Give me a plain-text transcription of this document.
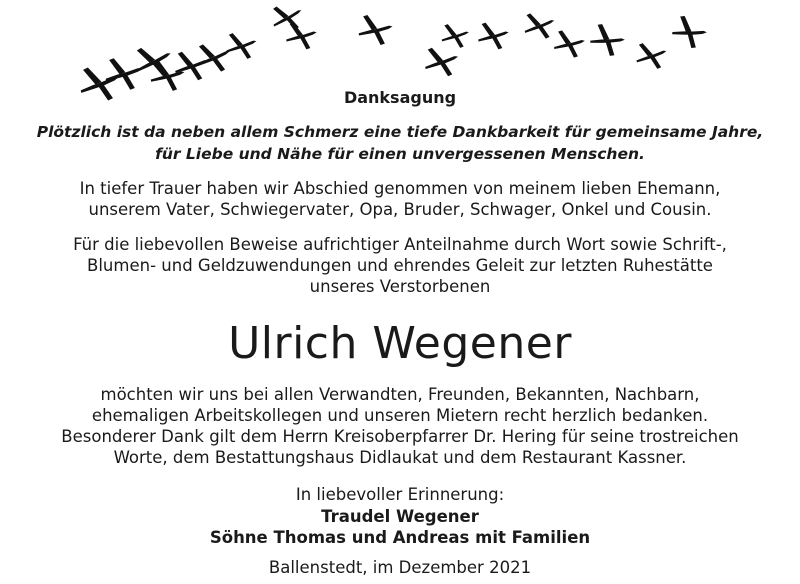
Danksagung
Plötzlich ist da neben allem Schmerz eine tiefe Dankbarkeit für gemeinsame Jahre,
für Liebe und Nähe für einen unvergessenen Menschen.
In tiefer Trauer haben wir Abschied genommen von meinem lieben Ehemann,
unserem Vater, Schwiegervater, Opa, Bruder, Schwager, Onkel und Cousin.
Für die liebevollen Beweise aufrichtiger Anteilnahme durch Wort sowie Schrift-,
Blumen- und Geldzuwendungen und ehrendes Geleit zur letzten Ruhestätte
unseres Verstorbenen
Ulrich Wegener
möchten wir uns bei allen Verwandten, Freunden, Bekannten, Nachbarn,
ehemaligen Arbeitskollegen und unseren Mietern recht herzlich bedanken.
Besonderer Dank gilt dem Herrn Kreisoberpfarrer Dr. Hering für seine trostreichen
Worte, dem Bestattungshaus Didlaukat und dem Restaurant Kassner.
In liebevoller Erinnerung:
Traudel Wegener
Söhne Thomas und Andreas mit Familien
Ballenstedt, im Dezember 2021
